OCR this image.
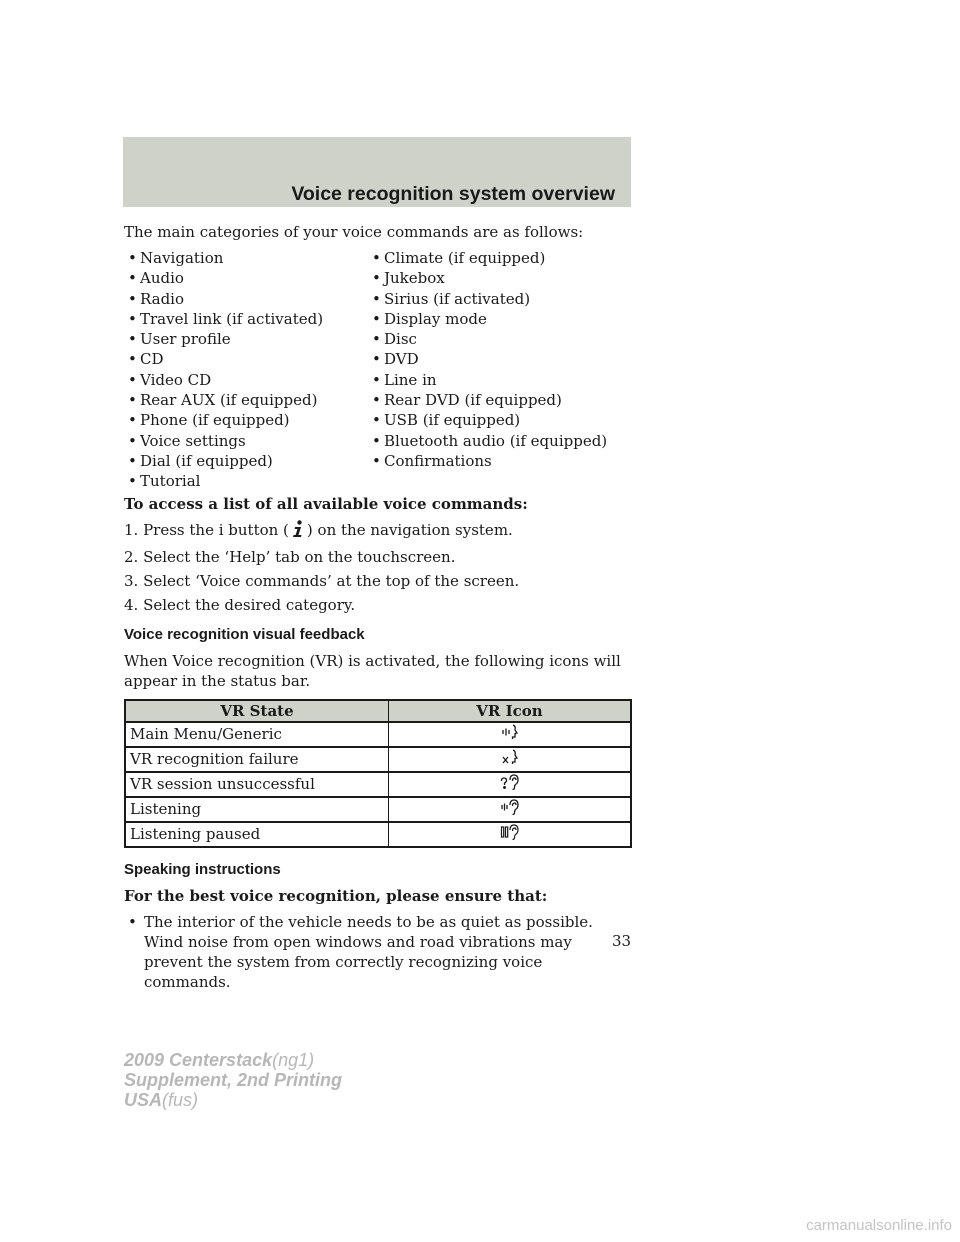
Voice recognition system overview

The main categories of your voice commands are as follows:

• Navigation
• Audio
• Radio
• Travel link (if activated)
• User profile
• CD
• Video CD
• Rear AUX (if equipped)
• Phone (if equipped)
• Voice settings
• Dial (if equipped)
• Tutorial
• Climate (if equipped)
• Jukebox
• Sirius (if activated)
• Display mode
• Disc
• DVD
• Line in
• Rear DVD (if equipped)
• USB (if equipped)
• Bluetooth audio (if equipped)
• Confirmations

To access a list of all available voice commands:

1. Press the i button ( ) on the navigation system.
2. Select the ‘Help’ tab on the touchscreen.
3. Select ‘Voice commands’ at the top of the screen.
4. Select the desired category.
Voice recognition visual feedback

When Voice recognition (VR) is activated, the following icons will appear in the status bar.

VR State	VR Icon
Main Menu/Generic	
VR recognition failure	
VR session unsuccessful	
Listening	
Listening paused	
Speaking instructions

For the best voice recognition, please ensure that:

• The interior of the vehicle needs to be as quiet as possible. Wind noise from open windows and road vibrations may prevent the system from correctly recognizing voice commands.

33
2009 Centerstack(ng1)
Supplement, 2nd Printing
USA(fus)
carmanualsonline.info
